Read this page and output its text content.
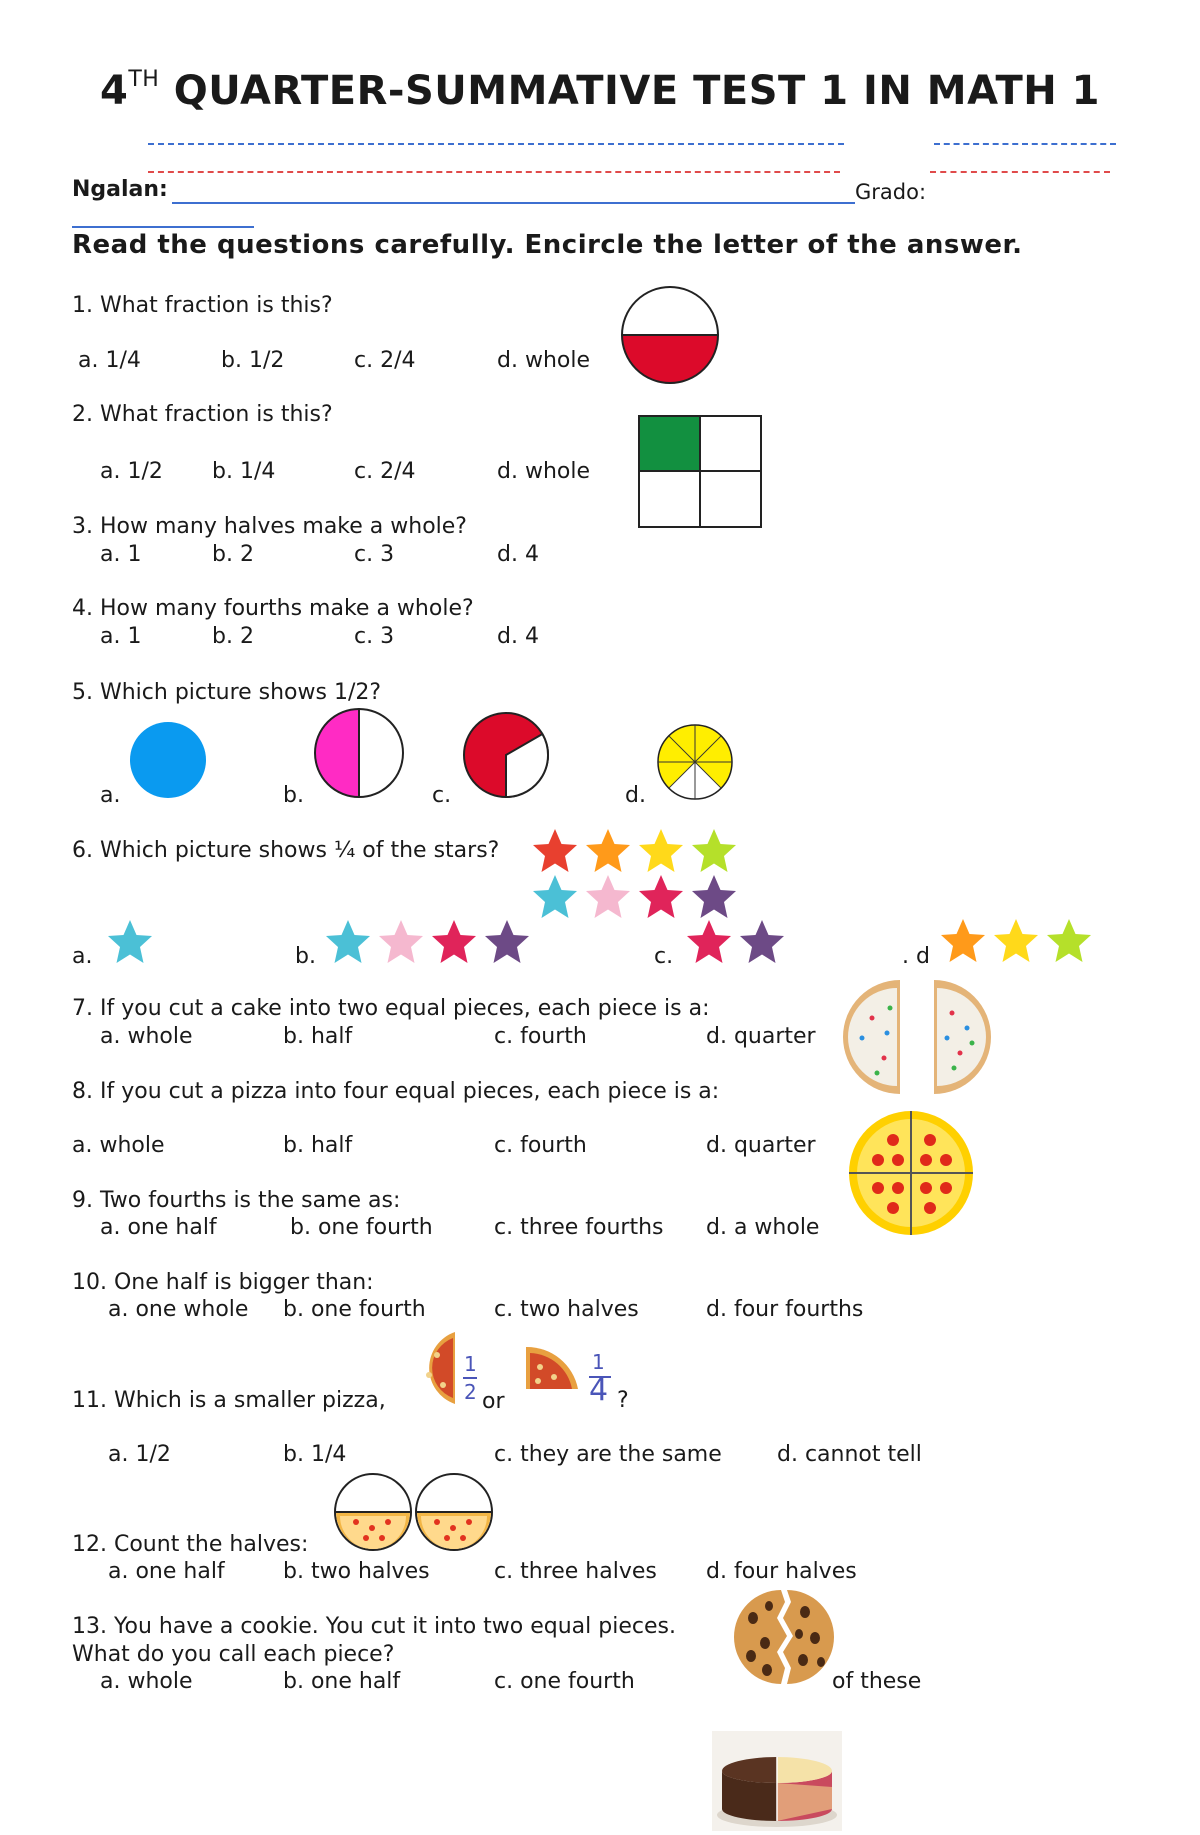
4TH QUARTER-SUMMATIVE TEST 1 IN MATH 1
Ngalan:	Grado:
Read the questions carefully. Encircle the letter of the answer.
1. What fraction is this?
a. 1/4	b. 1/2	c. 2/4	d. whole
2. What fraction is this?
a. 1/2 b. 1/4	c. 2/4	d. whole
3. How many halves make a whole?
a. 1	b. 2	c. 3	d. 4
4. How many fourths make a whole?
a. 1	b. 2	c. 3	d. 4
5. Which picture shows 1/2?
a.	b.	c.	d.
6. Which picture shows ¼ of the stars?
a.	b.	c.	. d
7. If you cut a cake into two equal pieces, each piece is a:
a. whole	b. half	c. fourth	d. quarter
8. If you cut a pizza into four equal pieces, each piece is a:
a. whole	b. half	c. fourth	d. quarter
9. Two fourths is the same as:
a. one half	b. one fourth	c. three fourths d. a whole
10. One half is bigger than:
a. one whole b. one fourth	c. two halves	d. four fourths
11. Which is a smaller pizza,
1
2 or
1
4 ?
a. 1/2	b. 1/4	c. they are the same	d. cannot tell
12. Count the halves:
a. one half	b. two halves	c. three halves d. four halves
13. You have a cookie. You cut it into two equal pieces.
What do you call each piece?
a. whole	b. one half	c. one fourth	of these
